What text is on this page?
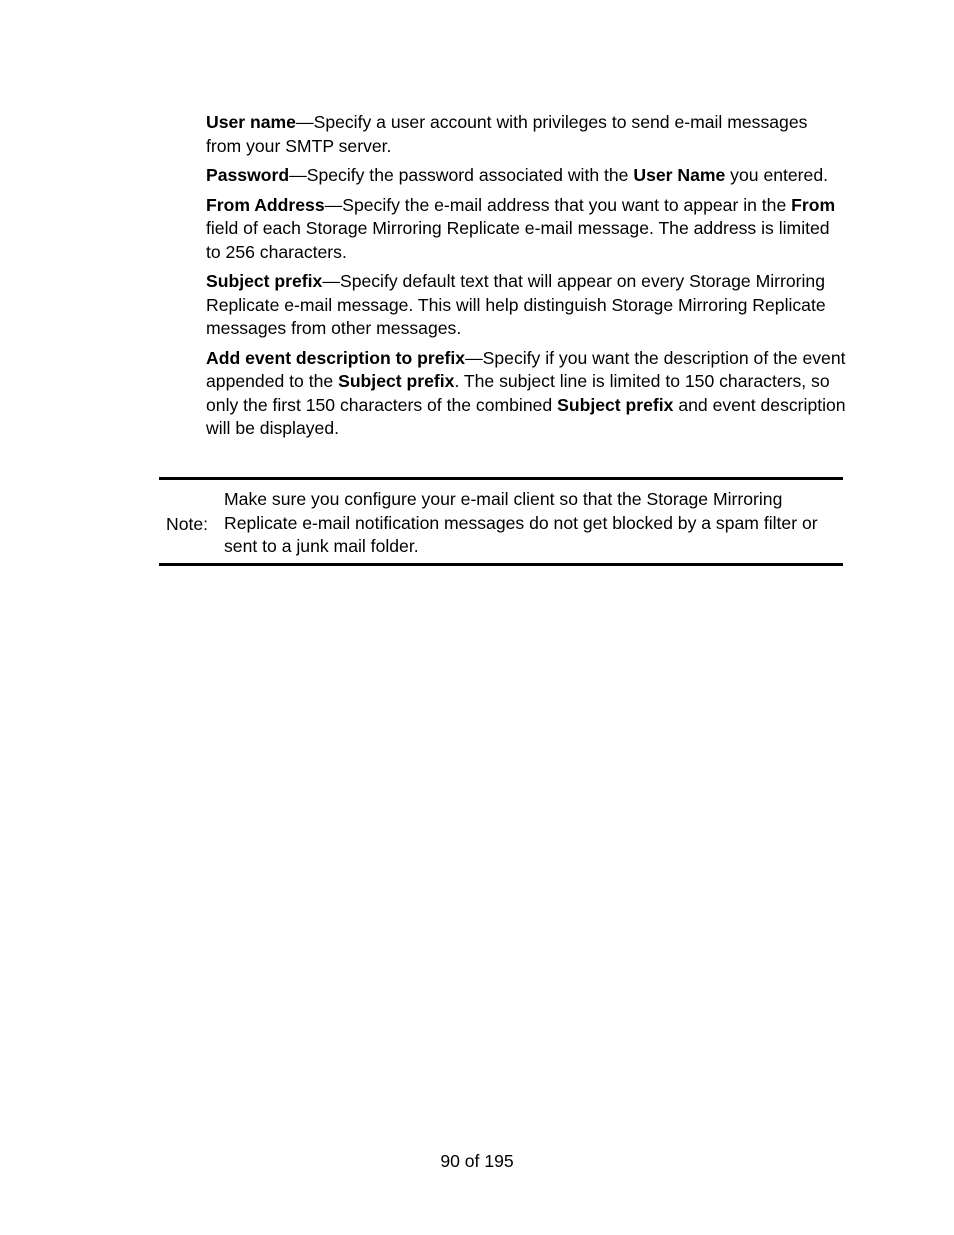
User name—Specify a user account with privileges to send e-mail messages from your SMTP server.

Password—Specify the password associated with the User Name you entered.

From Address—Specify the e-mail address that you want to appear in the From field of each Storage Mirroring Replicate e-mail message. The address is limited to 256 characters.

Subject prefix—Specify default text that will appear on every Storage Mirroring Replicate e-mail message. This will help distinguish Storage Mirroring Replicate messages from other messages.

Add event description to prefix—Specify if you want the description of the event appended to the Subject prefix. The subject line is limited to 150 characters, so only the first 150 characters of the combined Subject prefix and event description will be displayed.

Note:
Make sure you configure your e-mail client so that the Storage Mirroring Replicate e-mail notification messages do not get blocked by a spam filter or sent to a junk mail folder.
90 of 195
